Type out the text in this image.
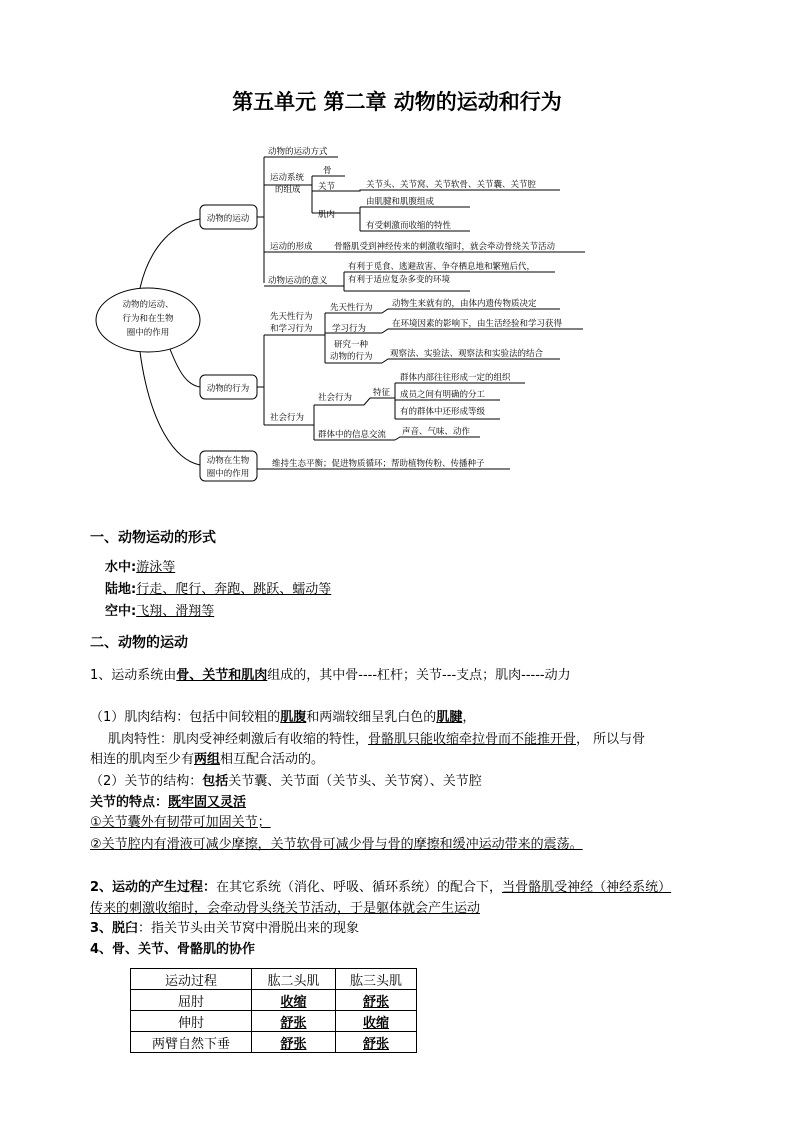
第五单元 第二章 动物的运动和行为
动物的运动、
行为和在生物
圈中的作用
动物的运动
动物的行为
动物在生物
圈中的作用
动物的运动方式
运动系统
的组成
骨
关节	关节头、关节窝、关节软骨、关节囊、关节腔
肌肉
由肌腱和肌腹组成
有受刺激而收缩的特性
运动的形成	骨骼肌受到神经传来的刺激收缩时，就会牵动骨绕关节活动
动物运动的意义
有利于觅食、逃避敌害、争夺栖息地和繁殖后代，
有利于适应复杂多变的环境
先天性行为
和学习行为
先天性行为 动物生来就有的，由体内遗传物质决定
学习行为	在环境因素的影响下，由生活经验和学习获得
研究一种
动物的行为 观察法、实验法、观察法和实验法的结合
社会行为
社会行为 特征
群体内部往往形成一定的组织
成员之间有明确的分工
有的群体中还形成等级
群体中的信息交流 声音、气味、动作
维持生态平衡；促进物质循环；帮助植物传粉、传播种子
一、动物运动的形式
水中:游泳等
陆地:行走、爬行、奔跑、跳跃、蠕动等
空中:飞翔、滑翔等
二、动物的运动
1、运动系统由骨、关节和肌肉组成的，其中骨----杠杆；关节---支点；肌肉-----动力
（1）肌肉结构：包括中间较粗的肌腹和两端较细呈乳白色的肌腱，
肌肉特性：肌肉受神经刺激后有收缩的特性，骨骼肌只能收缩牵拉骨而不能推开骨， 所以与骨
相连的肌肉至少有两组相互配合活动的。
（2）关节的结构：包括关节囊、关节面（关节头、关节窝）、关节腔
关节的特点：既牢固又灵活
①关节囊外有韧带可加固关节；
②关节腔内有滑液可减少摩擦，关节软骨可减少骨与骨的摩擦和缓冲运动带来的震荡。
2、运动的产生过程：在其它系统（消化、呼吸、循环系统）的配合下，当骨骼肌受神经（神经系统）
传来的刺激收缩时，会牵动骨头绕关节活动，于是躯体就会产生运动
3、脱臼：指关节头由关节窝中滑脱出来的现象
4、骨、关节、骨骼肌的协作
运动过程	肱二头肌	肱三头肌
屈肘	收缩	舒张
伸肘	舒张	收缩
两臂自然下垂	舒张	舒张
